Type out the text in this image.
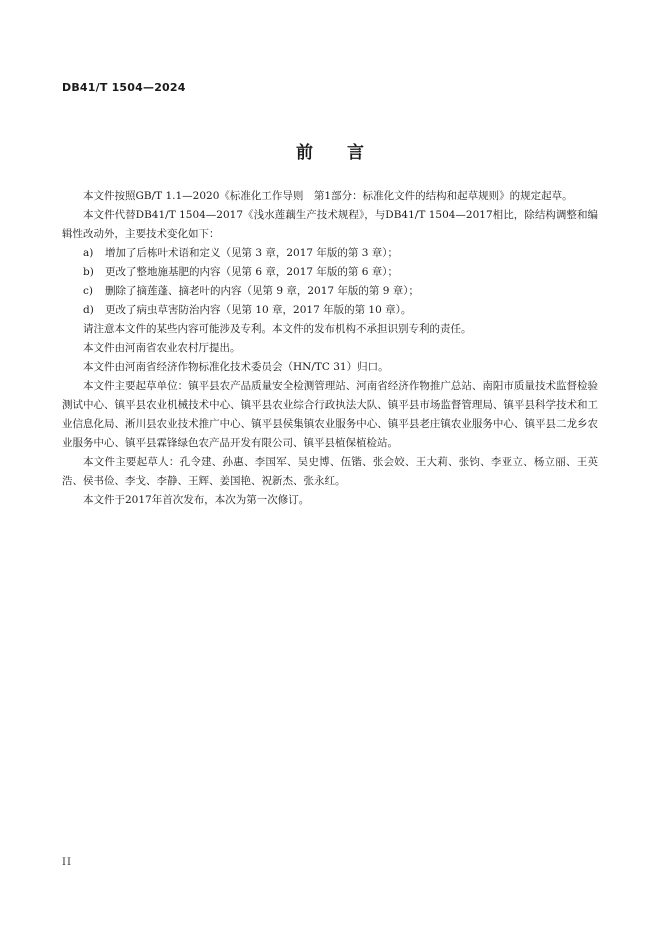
DB41/T 1504—2024
前 言

本文件按照GB/T 1.1—2020《标准化工作导则　第1部分：标准化文件的结构和起草规则》的规定起草。

本文件代替DB41/T 1504—2017《浅水莲藕生产技术规程》，与DB41/T 1504—2017相比，除结构调整和编辑性改动外，主要技术变化如下：

a) 增加了后栋叶术语和定义（见第 3 章，2017 年版的第 3 章）；

b) 更改了整地施基肥的内容（见第 6 章，2017 年版的第 6 章）；

c) 删除了摘莲蓬、摘老叶的内容（见第 9 章，2017 年版的第 9 章）；

d) 更改了病虫草害防治内容（见第 10 章，2017 年版的第 10 章）。

请注意本文件的某些内容可能涉及专利。本文件的发布机构不承担识别专利的责任。

本文件由河南省农业农村厅提出。

本文件由河南省经济作物标准化技术委员会（HN/TC 31）归口。

本文件主要起草单位：镇平县农产品质量安全检测管理站、河南省经济作物推广总站、南阳市质量技术监督检验测试中心、镇平县农业机械技术中心、镇平县农业综合行政执法大队、镇平县市场监督管理局、镇平县科学技术和工业信息化局、淅川县农业技术推广中心、镇平县侯集镇农业服务中心、镇平县老庄镇农业服务中心、镇平县二龙乡农业服务中心、镇平县霖锋绿色农产品开发有限公司、镇平县植保植检站。

本文件主要起草人：孔令建、孙惠、李国军、吴史博、伍锴、张会姣、王大莉、张钧、李亚立、杨立丽、王英浩、侯书俭、李戈、李静、王辉、姜国艳、祝新杰、张永红。

本文件于2017年首次发布，本次为第一次修订。

II
